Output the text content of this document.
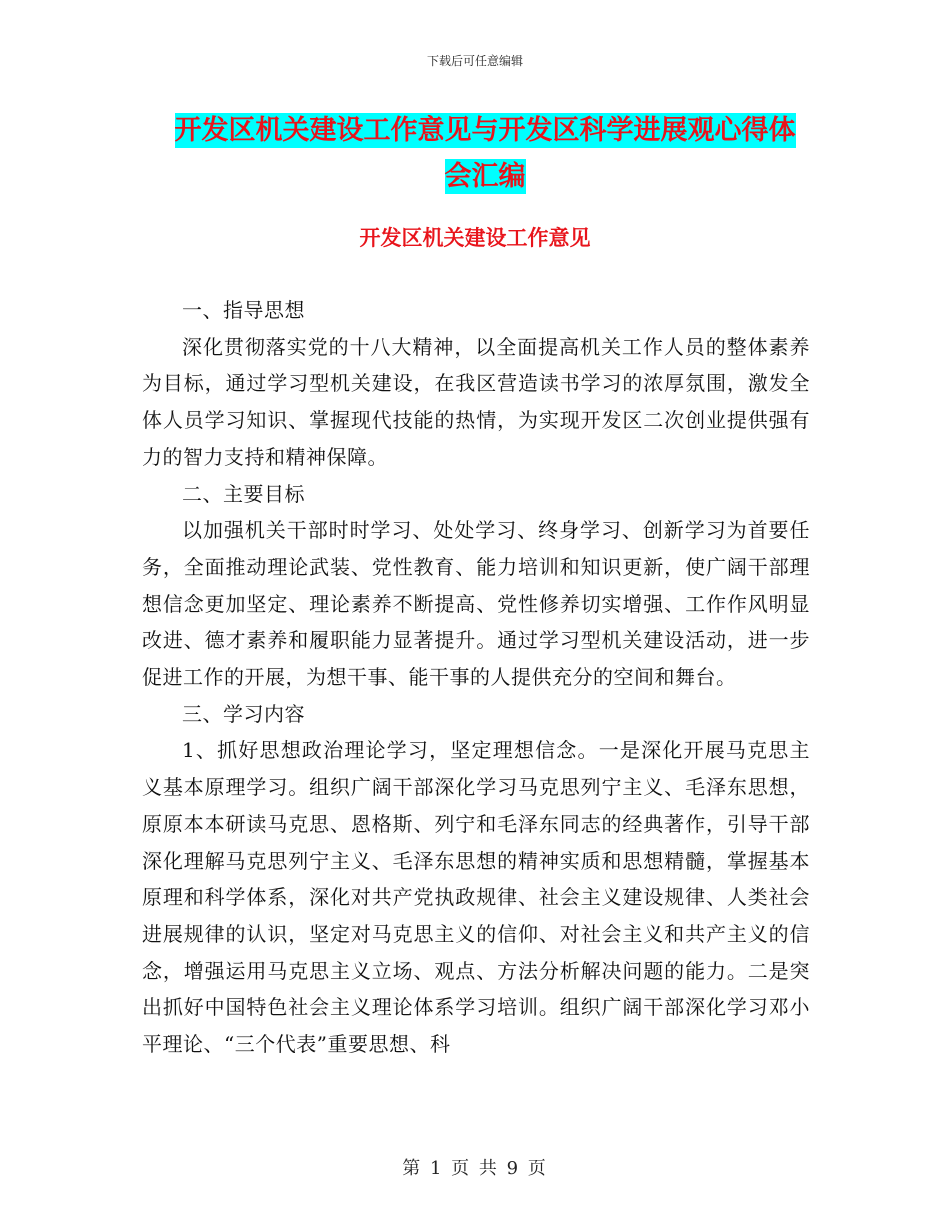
下载后可任意编辑
开发区机关建设工作意见与开发区科学进展观心得体
会汇编
开发区机关建设工作意见

一、指导思想

深化贯彻落实党的十八大精神，以全面提高机关工作人员的整体素养为目标，通过学习型机关建设，在我区营造读书学习的浓厚氛围，激发全体人员学习知识、掌握现代技能的热情，为实现开发区二次创业提供强有力的智力支持和精神保障。

二、主要目标

以加强机关干部时时学习、处处学习、终身学习、创新学习为首要任务，全面推动理论武装、党性教育、能力培训和知识更新，使广阔干部理想信念更加坚定、理论素养不断提高、党性修养切实增强、工作作风明显改进、德才素养和履职能力显著提升。通过学习型机关建设活动，进一步促进工作的开展，为想干事、能干事的人提供充分的空间和舞台。

三、学习内容

1、抓好思想政治理论学习，坚定理想信念。一是深化开展马克思主义基本原理学习。组织广阔干部深化学习马克思列宁主义、毛泽东思想，原原本本研读马克思、恩格斯、列宁和毛泽东同志的经典著作，引导干部深化理解马克思列宁主义、毛泽东思想的精神实质和思想精髓，掌握基本原理和科学体系，深化对共产党执政规律、社会主义建设规律、人类社会进展规律的认识，坚定对马克思主义的信仰、对社会主义和共产主义的信念，增强运用马克思主义立场、观点、方法分析解决问题的能力。二是突出抓好中国特色社会主义理论体系学习培训。组织广阔干部深化学习邓小平理论、“三个代表”重要思想、科

第 1 页 共 9 页
